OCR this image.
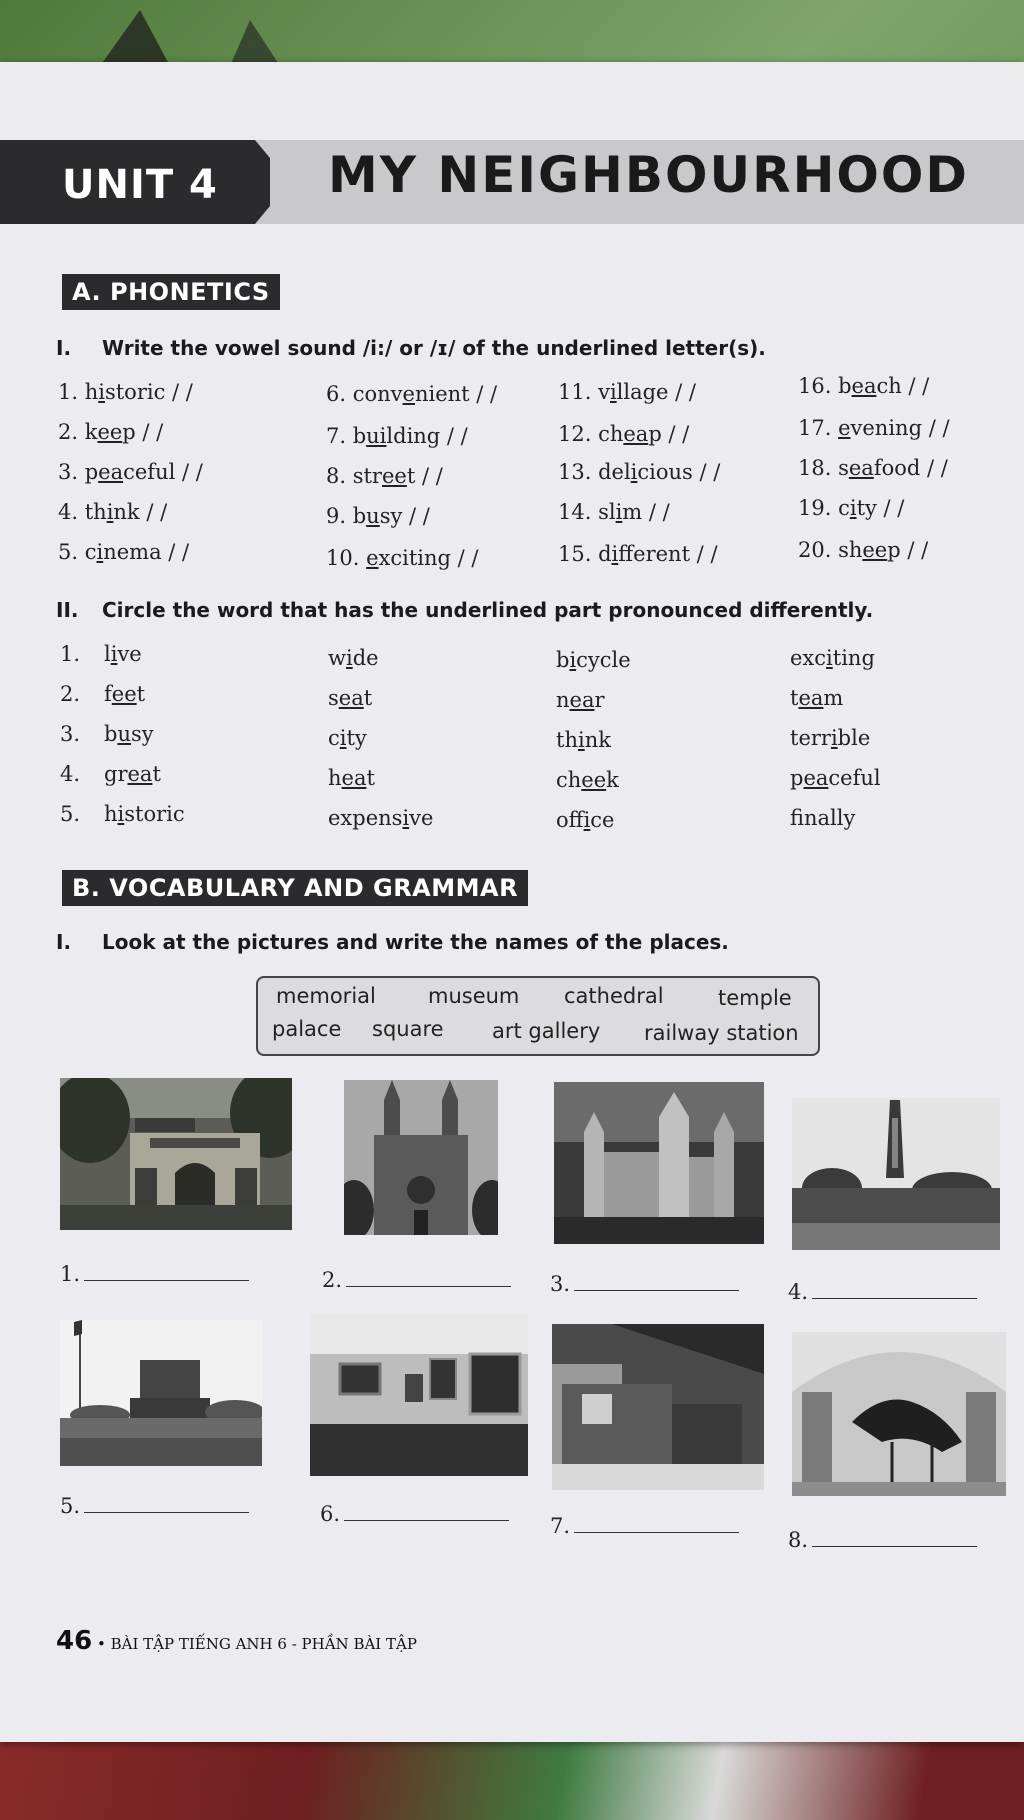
UNIT 4 MY NEIGHBOURHOOD
A. PHONETICS
I. Write the vowel sound /i:/ or /ɪ/ of the underlined letter(s).
1. historic / /
2. keep / /
3. peaceful / /
4. think / /
5. cinema / /
6. convenient / /
7. building / /
8. street / /
9. busy / /
10. exciting / /
11. village / /
12. cheap / /
13. delicious / /
14. slim / /
15. different / /
16. beach / /
17. evening / /
18. seafood / /
19. city / /
20. sheep / /
II. Circle the word that has the underlined part pronounced differently.
1. live	wide	bicycle	exciting
2. feet	seat	near	team
3. busy	city	think	terrible
4. great	heat	cheek	peaceful
5. historic	expensive	office	fnally
B. VOCABULARY AND GRAMMAR
I. Look at the pictures and write the names of the places.
memorial museum cathedral	temple
palace square art gallery railway station
1.	2.	3.	4.
5.	6.	7.
8.
46 • BÀI TẬP TIẾNG ANH 6 - PHẦN BÀI TẬP
